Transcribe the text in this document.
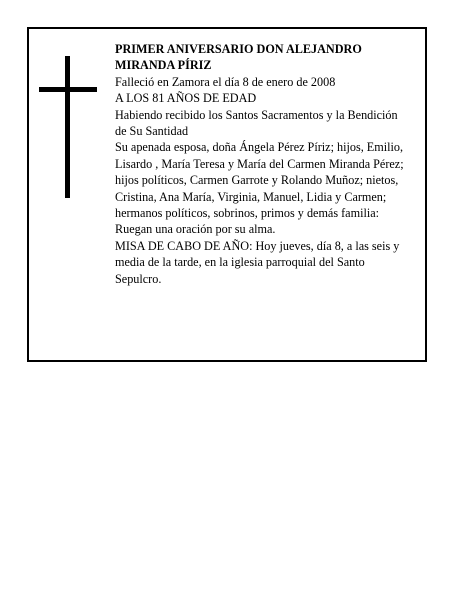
PRIMER ANIVERSARIO DON ALEJANDRO MIRANDA PÍRIZ

Falleció en Zamora el día 8 de enero de 2008

A LOS 81 AÑOS DE EDAD

Habiendo recibido los Santos Sacramentos y la Bendición de Su Santidad

Su apenada esposa, doña Ángela Pérez Píriz; hijos, Emilio, Lisardo , María Teresa y María del Carmen Miranda Pérez; hijos políticos, Carmen Garrote y Rolando Muñoz; nietos, Cristina, Ana María, Virginia, Manuel, Lidia y Carmen; hermanos políticos, sobrinos, primos y demás familia:

Ruegan una oración por su alma.

MISA DE CABO DE AÑO: Hoy jueves, día 8, a las seis y media de la tarde, en la iglesia parroquial del Santo Sepulcro.
